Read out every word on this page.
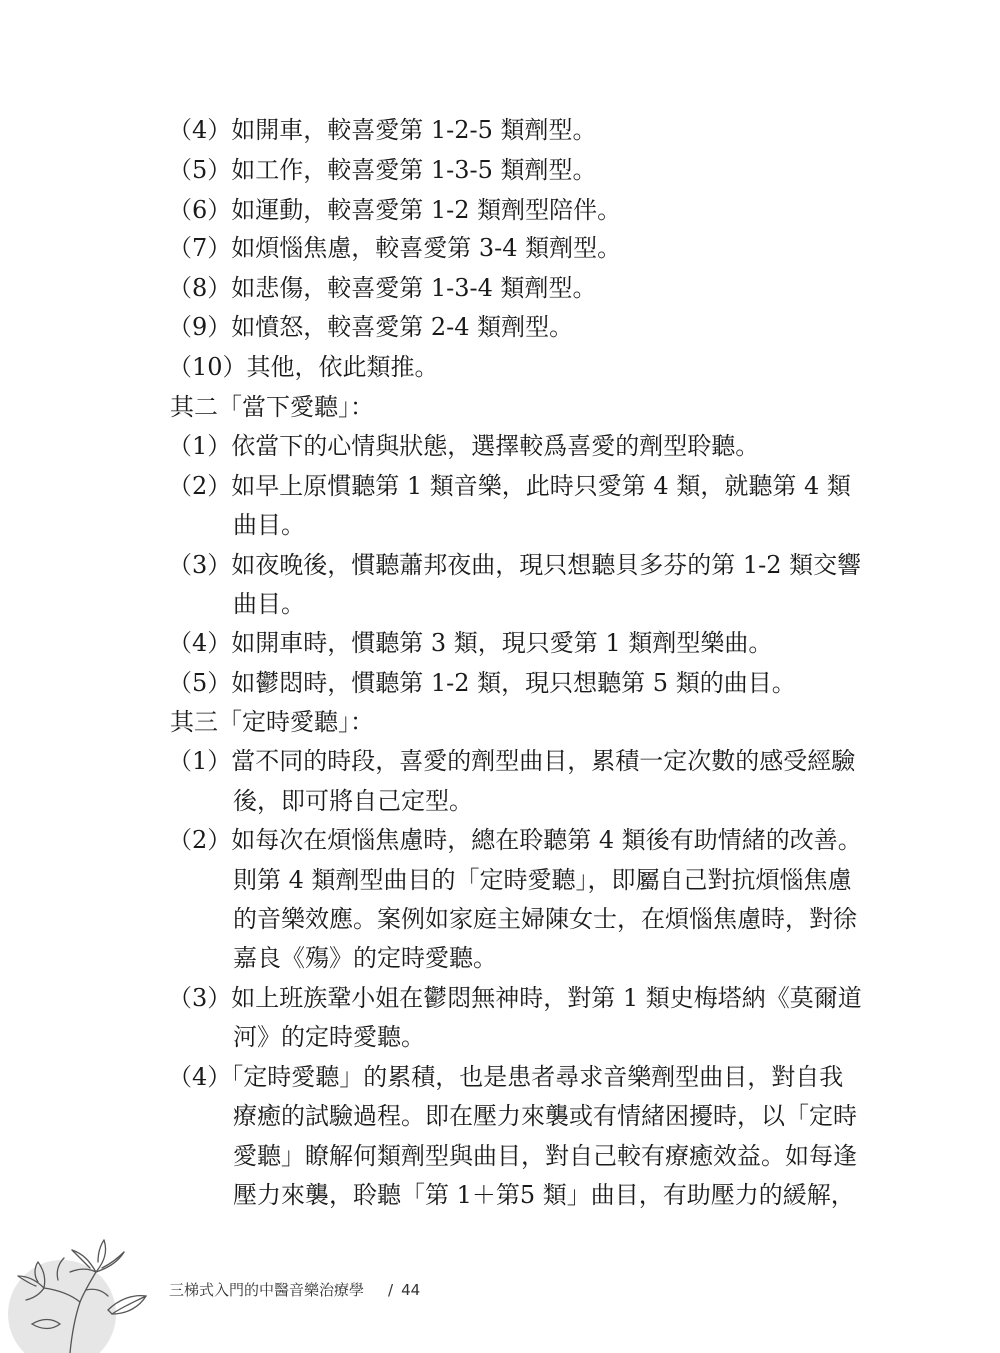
（4）如開車，較喜愛第 1-2-5 類劑型。
（5）如工作，較喜愛第 1-3-5 類劑型。
（6）如運動，較喜愛第 1-2 類劑型陪伴。
（7）如煩惱焦慮，較喜愛第 3-4 類劑型。
（8）如悲傷，較喜愛第 1-3-4 類劑型。
（9）如憤怒，較喜愛第 2-4 類劑型。
（10）其他，依此類推。
其二「當下愛聽」：
（1）依當下的心情與狀態，選擇較爲喜愛的劑型聆聽。
（2）如早上原慣聽第 1 類音樂，此時只愛第 4 類，就聽第 4 類
曲目。
（3）如夜晚後，慣聽蕭邦夜曲，現只想聽貝多芬的第 1-2 類交響
曲目。
（4）如開車時，慣聽第 3 類，現只愛第 1 類劑型樂曲。
（5）如鬱悶時，慣聽第 1-2 類，現只想聽第 5 類的曲目。
其三「定時愛聽」：
（1）當不同的時段，喜愛的劑型曲目，累積一定次數的感受經驗
後，即可將自己定型。
（2）如每次在煩惱焦慮時，總在聆聽第 4 類後有助情緒的改善。
則第 4 類劑型曲目的「定時愛聽」，即屬自己對抗煩惱焦慮
的音樂效應。案例如家庭主婦陳女士，在煩惱焦慮時，對徐
嘉良《殤》的定時愛聽。
（3）如上班族鞏小姐在鬱悶無神時，對第 1 類史梅塔納《莫爾道
河》的定時愛聽。
（4）「定時愛聽」的累積，也是患者尋求音樂劑型曲目，對自我
療癒的試驗過程。即在壓力來襲或有情緒困擾時，以「定時
愛聽」瞭解何類劑型與曲目，對自己較有療癒效益。如每逢
壓力來襲，聆聽「第 1＋第5 類」曲目，有助壓力的緩解，
三梯式入門的中醫音樂治療學 / 44
